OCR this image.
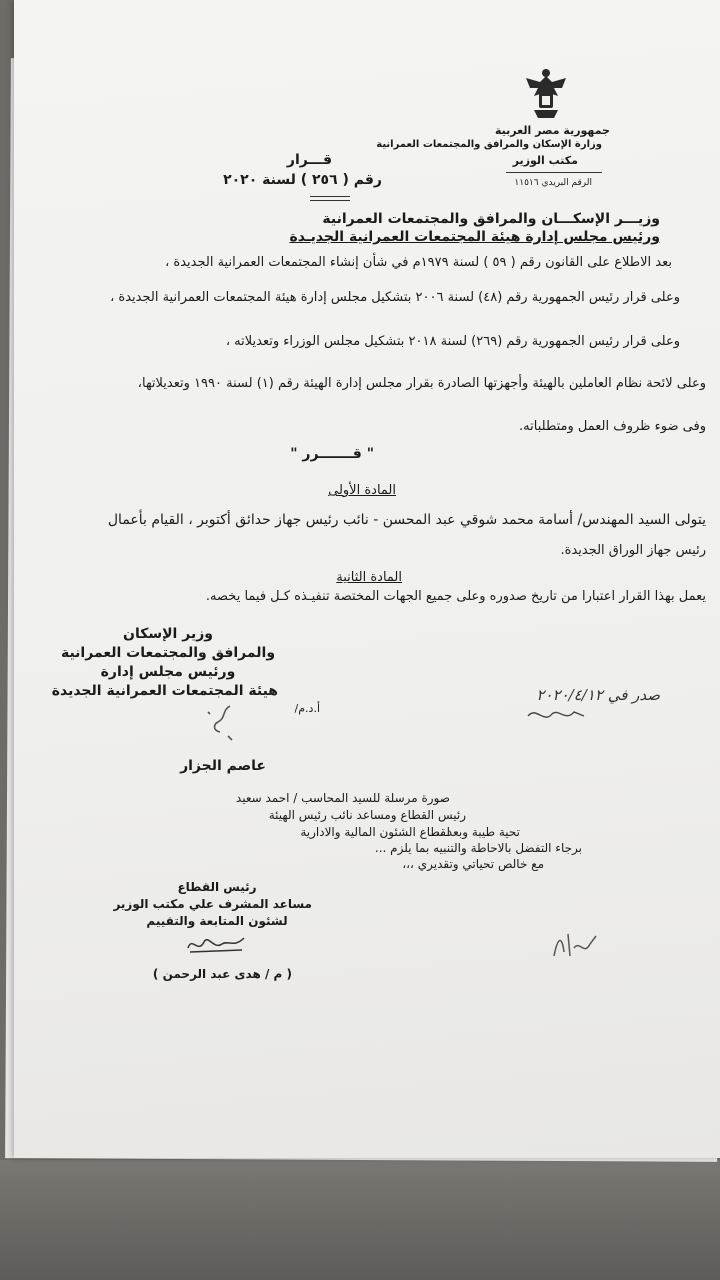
جمهورية مصر العربية
وزارة الإسكان والمرافق والمجتمعات العمرانية
مكتب الوزير
الرقم البريدي ١١٥١٦
قـــرار
رقم ( ٢٥٦ ) لسنة ٢٠٢٠
وزيـــر الإسكـــان والمرافق والمجتمعات العمرانية
ورئيس مجلس إدارة هيئة المجتمعات العمرانية الجديـدة
بعد الاطلاع على القانون رقم ( ٥٩ ) لسنة ١٩٧٩م في شأن إنشاء المجتمعات العمرانية الجديدة ،
وعلى قرار رئيس الجمهورية رقم (٤٨) لسنة ٢٠٠٦ بتشكيل مجلس إدارة هيئة المجتمعات العمرانية الجديدة ،
وعلى قرار رئيس الجمهورية رقم (٢٦٩) لسنة ٢٠١٨ بتشكيل مجلس الوزراء وتعديلاته ،
وعلى لائحة نظام العاملين بالهيئة وأجهزتها الصادرة بقرار مجلس إدارة الهيئة رقم (١) لسنة ١٩٩٠ وتعديلاتها،
وفى ضوء ظروف العمل ومتطلباته.
" قـــــــرر "
المادة الأولى
يتولى السيد المهندس/ أسامة محمد شوقي عبد المحسن - نائب رئيس جهاز حدائق أكتوبر ، القيام بأعمال
رئيس جهاز الوراق الجديدة.
المادة الثانية
يعمل بهذا القرار اعتبارا من تاريخ صدوره وعلى جميع الجهات المختصة تنفيـذه كـل فيما يخصه.
وزير الإسكان
والمرافق والمجتمعات العمرانية
ورئيس مجلس إدارة
هيئة المجتمعات العمرانية الجديدة
أ.د.م/
عاصم الجزار
صدر في ٢٠٢٠/٤/١٢
صورة مرسلة للسيد المحاسب / احمد سعيد
رئيس القطاع ومساعد نائب رئيس الهيئة
لقطاع الشئون المالية والادارية
تحية طيبة وبعد ،،،
برجاء التفضل بالاحاطة والتنبيه بما يلزم ...
مع خالص تحياتي وتقديري ،،،
رئيس القطاع
مساعد المشرف علي مكتب الوزير
لشئون المتابعة والتقييم
( م / هدى عبد الرحمن )
